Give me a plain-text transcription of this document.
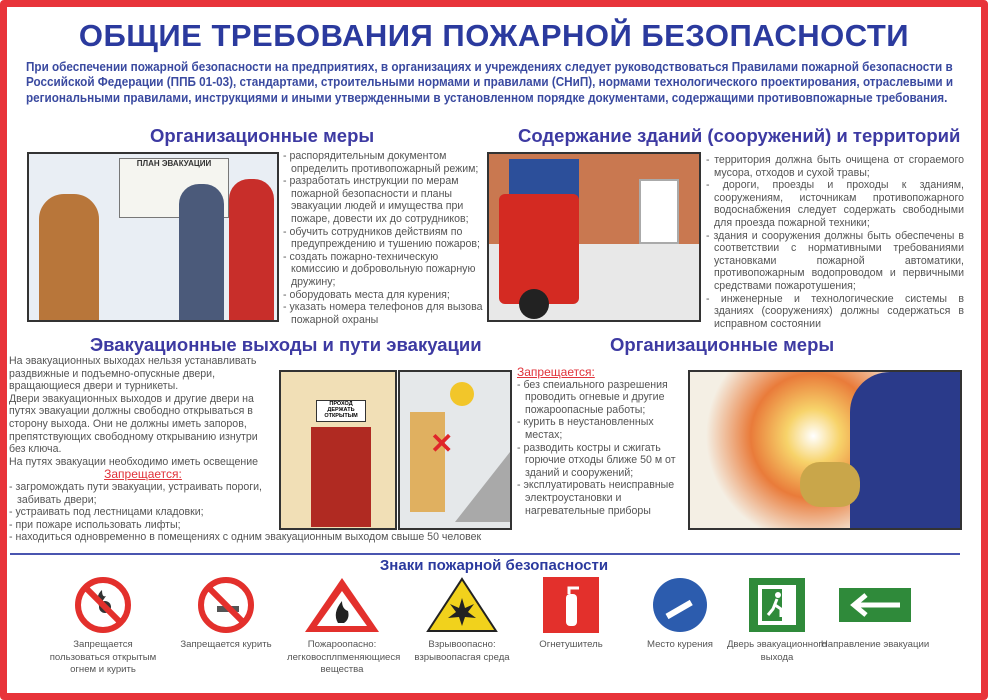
ОБЩИЕ ТРЕБОВАНИЯ ПОЖАРНОЙ БЕЗОПАСНОСТИ
При обеспечении пожарной безопасности на предприятиях, в организациях и учреждениях следует руководствоваться Правилами пожарной безопасности в Российской Федерации (ППБ 01-03), стандартами, строительными нормами и правилами (СНиП), нормами технологического проектирования, отраслевыми и региональными правилами, инструкциями и иными утвержденными в установленном порядке документами, содержащими противовпожарные требования.
Организационные меры	Содержание зданий (сооружений) и территорий
ПЛАН ЭВАКУАЦИИ
- распорядительным документом определить противопожарный режим;
- разработать инструкции по мерам пожарной безопасности и планы эвакуации людей и имущества при пожаре, довести их до сотрудников;
- обучить сотрудников действиям по предупреждению и тушению пожаров;
- создать пожарно-техническую комиссию и добровольную пожарную дружину;
- оборудовать места для курения;
- указать номера телефонов для вызова пожарной охраны
- территория должна быть очищена от сгораемого мусора, отходов и сухой травы;
- дороги, проезды и проходы к зданиям, сооружениям, источникам противопожарного водоснабжения следует содержать свободными для проезда пожарной техники;
- здания и сооружения должны быть обеспечены в соответствии с нормативными требованиями установками пожарной автоматики, противопожарным водопроводом и первичными средствами пожаротушения;
- инженерные и технологические системы в зданиях (сооружениях) должны содержаться в исправном состоянии
Эвакуационные выходы и пути эвакуации	Организационные меры
На эвакуационных выходах нельзя устанавливать раздвижные и подъемно-опускные двери, вращающиеся двери и турникеты.
Двери эвакуационных выходов и другие двери на путях эвакуации должны свободно открываться в сторону выхода. Они не должны иметь запоров, препятствующих свободному открыванию изнутри без ключа.
На путях эвакуации необходимо иметь освещение
Запрещается:
- загромождать пути эвакуации, устраивать пороги, забивать двери;
- устраивать под лестницами кладовки;
- при пожаре использовать лифты;
- находиться одновременно в помещениях с одним эвакуационным выходом свыше 50 человек
ПРОХОД ДЕРЖАТЬ ОТКРЫТЫМ
✕
Запрещается:
- без спеиального разрешения проводить огневые и другие пожароопасные работы;
- курить в неустановленных местах;
- разводить костры и сжигать горючие отходы ближе 50 м от зданий и сооружений;
- эксплуатировать неисправные электроустановки и нагревательные приборы
Знаки пожарной безопасности
Запрещается пользоваться открытым огнем и курить
Запрещается курить	Пожароопасно: легковосплпменяющиеся вещества
Взрывоопасно: взрывоопасгая среда
Огнетушитель	Место курения	Дверь эвакуационного выхода
Направление эвакуации
